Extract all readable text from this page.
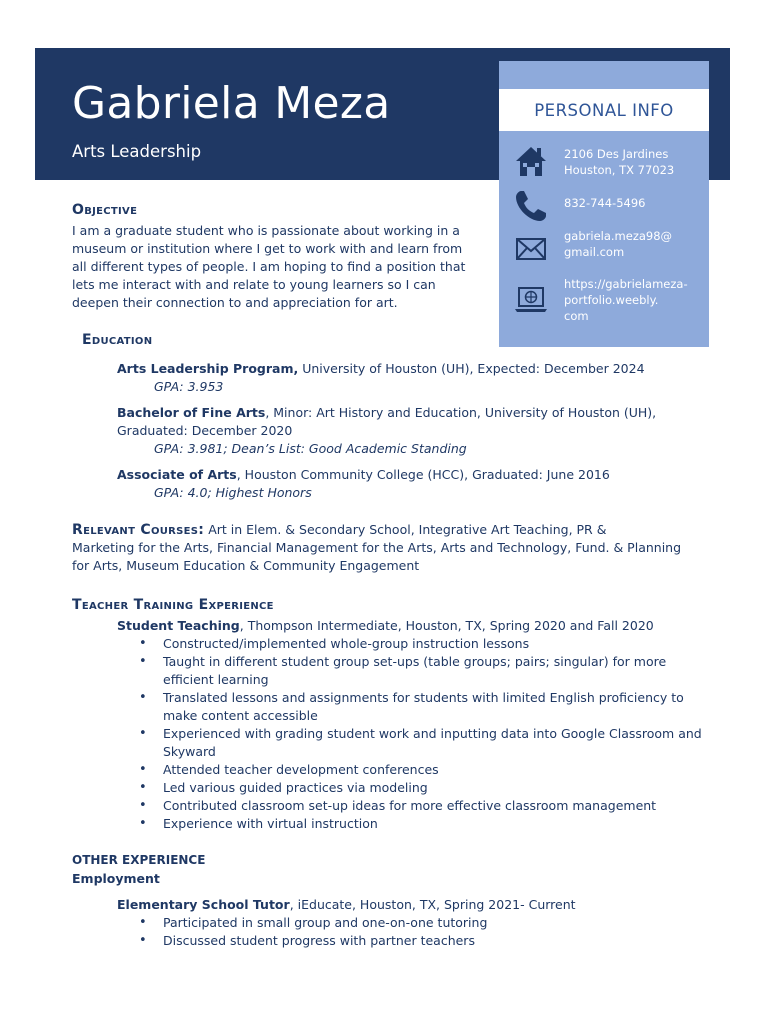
Gabriela Meza
Arts Leadership
PERSONAL INFO
2106 Des Jardines
Houston, TX 77023
832-744-5496
gabriela.meza98@
gmail.com
https://gabrielameza-
portfolio.weebly.
com
Objective
I am a graduate student who is passionate about working in a
museum or institution where I get to work with and learn from
all different types of people. I am hoping to find a position that
lets me interact with and relate to young learners so I can
deepen their connection to and appreciation for art.
Education
Arts Leadership Program, University of Houston (UH), Expected: December 2024
GPA: 3.953
Bachelor of Fine Arts, Minor: Art History and Education, University of Houston (UH),
Graduated: December 2020
GPA: 3.981; Dean’s List: Good Academic Standing
Associate of Arts, Houston Community College (HCC), Graduated: June 2016
GPA: 4.0; Highest Honors
Relevant Courses: Art in Elem. & Secondary School, Integrative Art Teaching, PR &
Marketing for the Arts, Financial Management for the Arts, Arts and Technology, Fund. & Planning
for Arts, Museum Education & Community Engagement
Teacher Training Experience
Student Teaching, Thompson Intermediate, Houston, TX, Spring 2020 and Fall 2020
• Constructed/implemented whole-group instruction lessons
• Taught in different student group set-ups (table groups; pairs; singular) for more efficient learning
• Translated lessons and assignments for students with limited English proficiency to make content accessible
• Experienced with grading student work and inputting data into Google Classroom and Skyward
• Attended teacher development conferences
• Led various guided practices via modeling
• Contributed classroom set-up ideas for more effective classroom management
• Experience with virtual instruction
OTHER EXPERIENCE
Employment
Elementary School Tutor, iEducate, Houston, TX, Spring 2021- Current
• Participated in small group and one-on-one tutoring
• Discussed student progress with partner teachers
